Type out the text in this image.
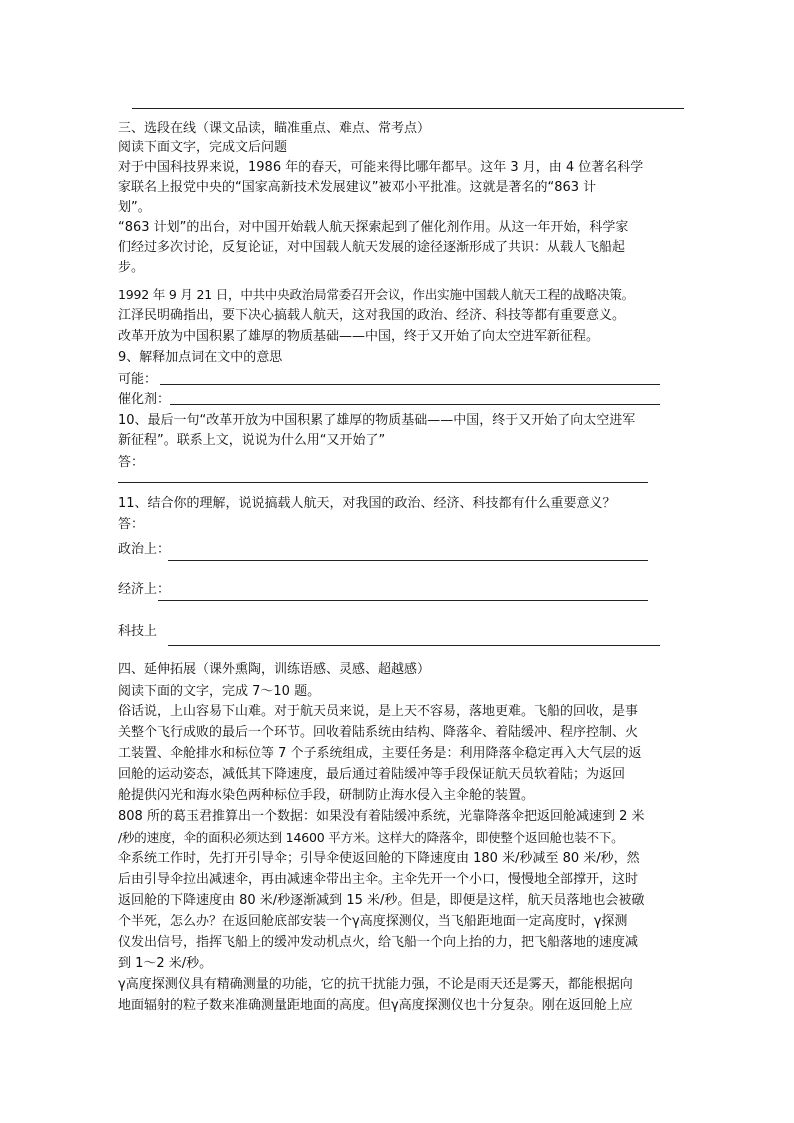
三、选段在线（课文品读，瞄准重点、难点、常考点）
阅读下面文字，完成文后问题
对于中国科技界来说，1986 年的春天，可能来得比哪年都早。这年 3 月，由 4 位著名科学
家联名上报党中央的“国家高新技术发展建议”被邓小平批准。这就是著名的“863 计
划”。
“863 计划”的出台，对中国开始载人航天探索起到了催化剂作用。从这一年开始，科学家
们经过多次讨论，反复论证，对中国载人航天发展的途径逐渐形成了共识：从载人飞船起
步。
1992 年 9 月 21 日，中共中央政治局常委召开会议，作出实施中国载人航天工程的战略决策。
江泽民明确指出，要下决心搞载人航天，这对我国的政治、经济、科技等都有重要意义。
改革开放为中国积累了雄厚的物质基础——中国，终于又开始了向太空进军新征程。
9、解释加点词在文中的意思
可能：
催化剂：
10、最后一句“改革开放为中国积累了雄厚的物质基础——中国，终于又开始了向太空进军
新征程”。联系上文，说说为什么用“又开始了”
答：
11、结合你的理解，说说搞载人航天，对我国的政治、经济、科技都有什么重要意义？
答：
政治上：
经济上：
科技上
四、延伸拓展（课外熏陶，训练语感、灵感、超越感）
阅读下面的文字，完成 7～10 题。
俗话说，上山容易下山难。对于航天员来说，是上天不容易，落地更难。飞船的回收，是事
关整个飞行成败的最后一个环节。回收着陆系统由结构、降落伞、着陆缓冲、程序控制、火
工装置、伞舱排水和标位等 7 个子系统组成，主要任务是：利用降落伞稳定再入大气层的返
回舱的运动姿态，减低其下降速度，最后通过着陆缓冲等手段保证航天员软着陆；为返回
舱提供闪光和海水染色两种标位手段，研制防止海水侵入主伞舱的装置。
808 所的葛玉君推算出一个数据：如果没有着陆缓冲系统，光靠降落伞把返回舱减速到 2 米
/秒的速度，伞的面积必须达到 14600 平方米。这样大的降落伞，即使整个返回舱也装不下。
伞系统工作时，先打开引导伞；引导伞使返回舱的下降速度由 180 米/秒减至 80 米/秒，然
后由引导伞拉出减速伞，再由减速伞带出主伞。主伞先开一个小口，慢慢地全部撑开，这时
返回舱的下降速度由 80 米/秒逐渐减到 15 米/秒。但是，即便是这样，航天员落地也会被礅
个半死，怎么办？在返回舱底部安装一个γ高度探测仪，当飞船距地面一定高度时，γ探测
仪发出信号，指挥飞船上的缓冲发动机点火，给飞船一个向上抬的力，把飞船落地的速度减
到 1～2 米/秒。
γ高度探测仪具有精确测量的功能，它的抗干扰能力强，不论是雨天还是雾天，都能根据向
地面辐射的粒子数来准确测量距地面的高度。但γ高度探测仪也十分复杂。刚在返回舱上应
